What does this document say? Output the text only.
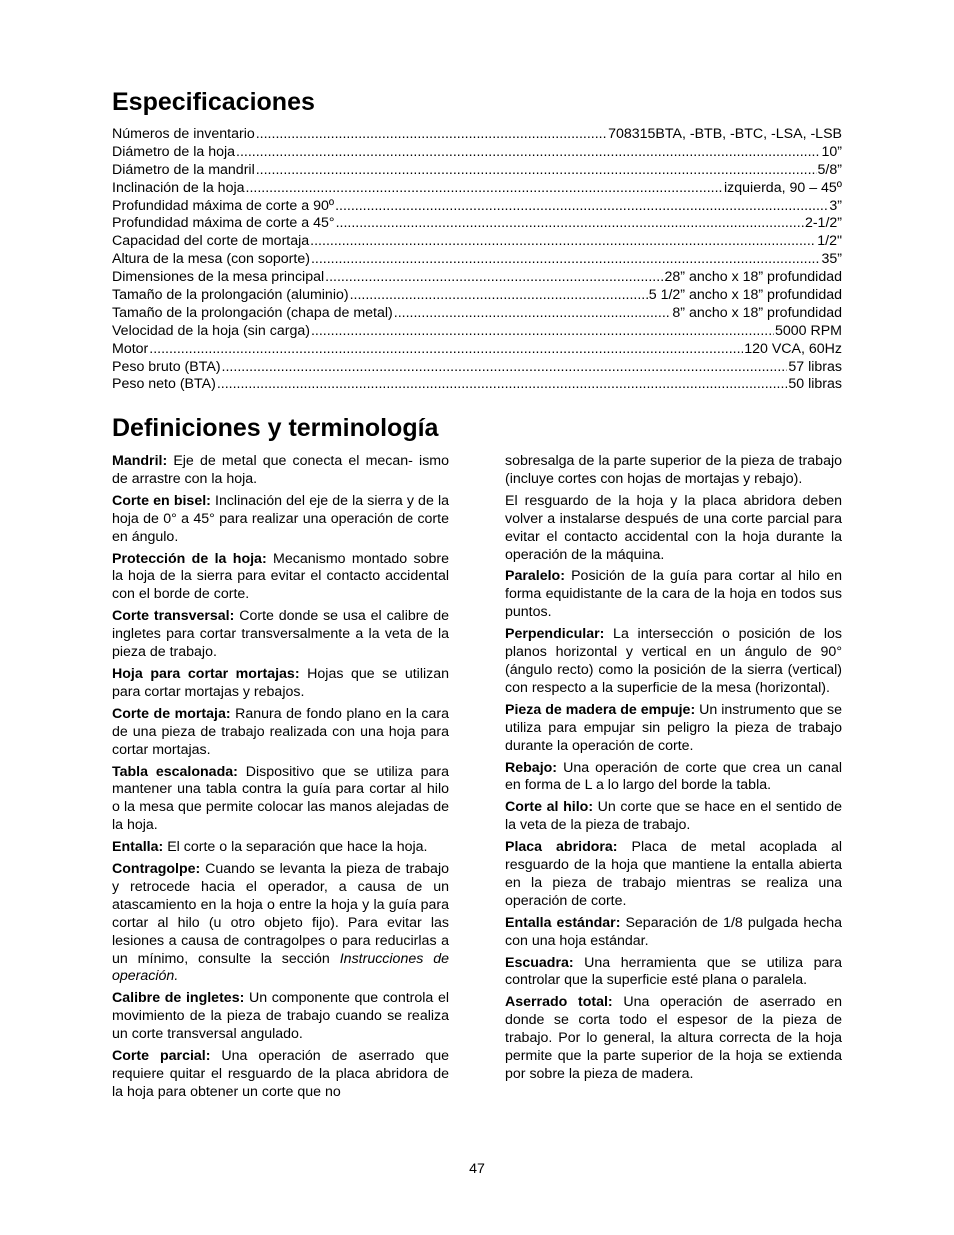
Especificaciones
Números de inventario .....	708315BTA, -BTB, -BTC, -LSA, -LSB
Diámetro de la hoja .....	10”
Diámetro de la mandril .....	5/8”
Inclinación de la hoja .....	izquierda, 90 – 45º
Profundidad máxima de corte a 90º .....	3”
Profundidad máxima de corte a 45° .....	2-1/2”
Capacidad del corte de mortaja .....	1/2"
Altura de la mesa (con soporte) .....	35”
Dimensiones de la mesa principal .....	28” ancho x 18” profundidad
Tamaño de la prolongación (aluminio) .....	5 1/2” ancho x 18” profundidad
Tamaño de la prolongación (chapa de metal) .....	8” ancho x 18” profundidad
Velocidad de la hoja (sin carga) .....	5000 RPM
Motor .....	120 VCA, 60Hz
Peso bruto (BTA) .....	57 libras
Peso neto (BTA) .....	50 libras
Definiciones y terminología

Mandril: Eje de metal que conecta el mecan- ismo de arrastre con la hoja.

Corte en bisel: Inclinación del eje de la sierra y de la hoja de 0° a 45° para realizar una operación de corte en ángulo.

Protección de la hoja: Mecanismo montado sobre la hoja de la sierra para evitar el contacto accidental con el borde de corte.

Corte transversal: Corte donde se usa el calibre de ingletes para cortar transversalmente a la veta de la pieza de trabajo.

Hoja para cortar mortajas: Hojas que se utilizan para cortar mortajas y rebajos.

Corte de mortaja: Ranura de fondo plano en la cara de una pieza de trabajo realizada con una hoja para cortar mortajas.

Tabla escalonada: Dispositivo que se utiliza para mantener una tabla contra la guía para cortar al hilo o la mesa que permite colocar las manos alejadas de la hoja.

Entalla: El corte o la separación que hace la hoja.

Contragolpe: Cuando se levanta la pieza de trabajo y retrocede hacia el operador, a causa de un atascamiento en la hoja o entre la hoja y la guía para cortar al hilo (u otro objeto fijo). Para evitar las lesiones a causa de contragolpes o para reducirlas a un mínimo, consulte la sección Instrucciones de operación.

Calibre de ingletes: Un componente que controla el movimiento de la pieza de trabajo cuando se realiza un corte transversal angulado.

Corte parcial: Una operación de aserrado que requiere quitar el resguardo de la placa abridora de la hoja para obtener un corte que no

sobresalga de la parte superior de la pieza de trabajo (incluye cortes con hojas de mortajas y rebajo).

El resguardo de la hoja y la placa abridora deben volver a instalarse después de una corte parcial para evitar el contacto accidental con la hoja durante la operación de la máquina.

Paralelo: Posición de la guía para cortar al hilo en forma equidistante de la cara de la hoja en todos sus puntos.

Perpendicular: La intersección o posición de los planos horizontal y vertical en un ángulo de 90° (ángulo recto) como la posición de la sierra (vertical) con respecto a la superficie de la mesa (horizontal).

Pieza de madera de empuje: Un instrumento que se utiliza para empujar sin peligro la pieza de trabajo durante la operación de corte.

Rebajo: Una operación de corte que crea un canal en forma de L a lo largo del borde la tabla.

Corte al hilo: Un corte que se hace en el sentido de la veta de la pieza de trabajo.

Placa abridora: Placa de metal acoplada al resguardo de la hoja que mantiene la entalla abierta en la pieza de trabajo mientras se realiza una operación de corte.

Entalla estándar: Separación de 1/8 pulgada hecha con una hoja estándar.

Escuadra: Una herramienta que se utiliza para controlar que la superficie esté plana o paralela.

Aserrado total: Una operación de aserrado en donde se corta todo el espesor de la pieza de trabajo. Por lo general, la altura correcta de la hoja permite que la parte superior de la hoja se extienda por sobre la pieza de madera.

47
